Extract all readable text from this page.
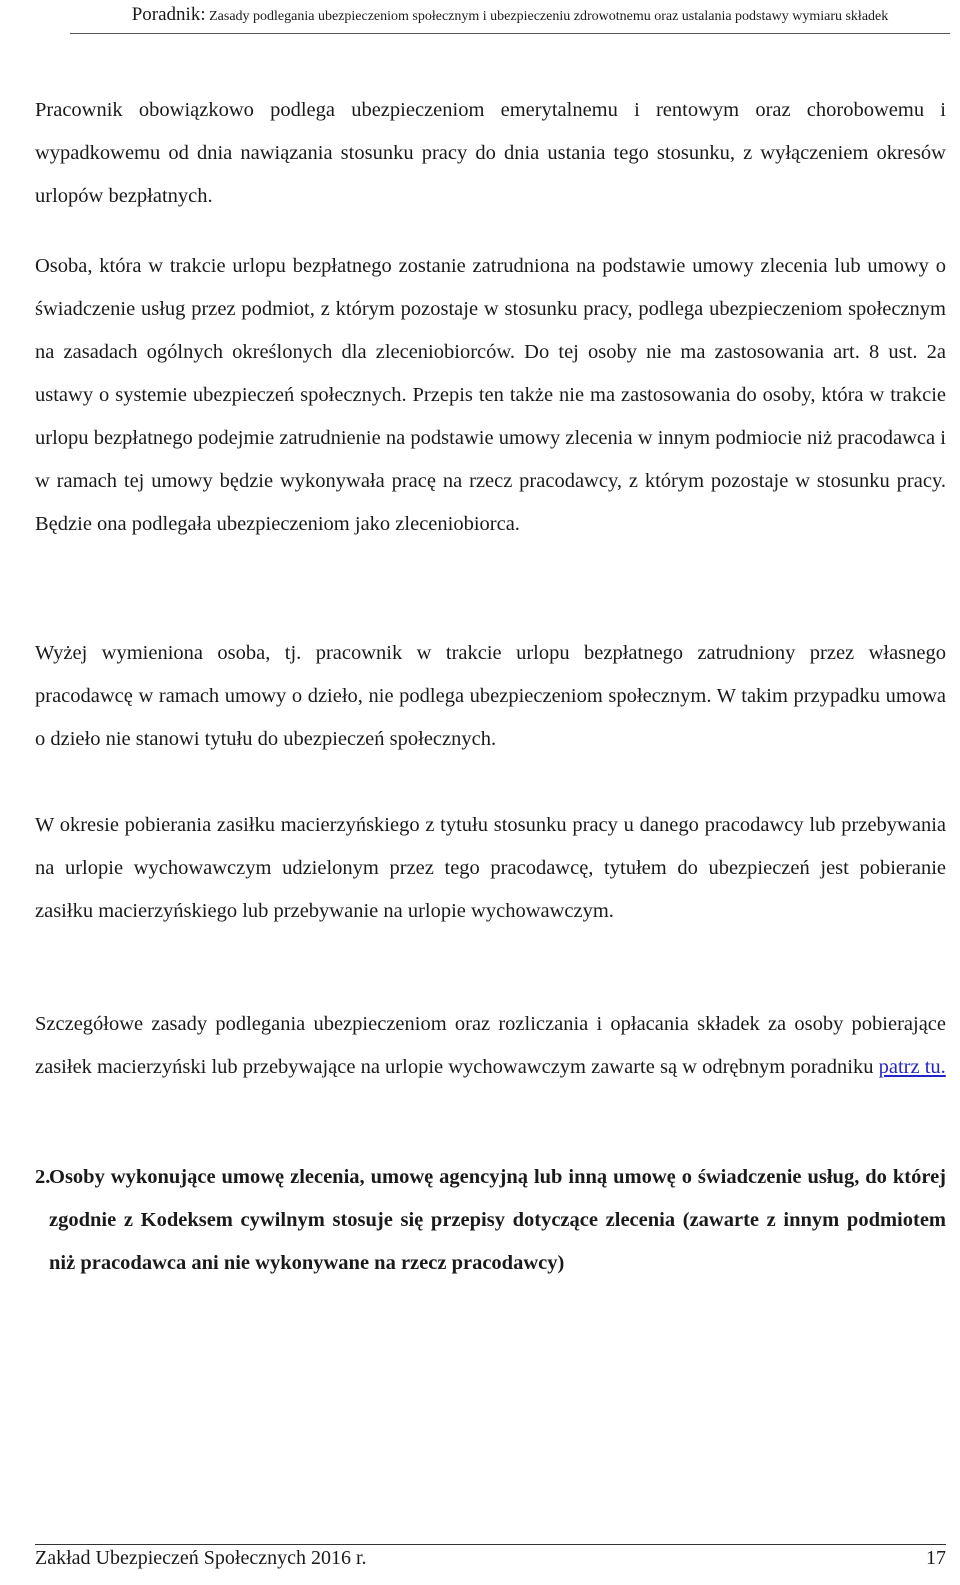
Poradnik: Zasady podlegania ubezpieczeniom społecznym i ubezpieczeniu zdrowotnemu oraz ustalania podstawy wymiaru składek

Pracownik obowiązkowo podlega ubezpieczeniom emerytalnemu i rentowym oraz chorobowemu i wypadkowemu od dnia nawiązania stosunku pracy do dnia ustania tego stosunku, z wyłączeniem okresów urlopów bezpłatnych.

Osoba, która w trakcie urlopu bezpłatnego zostanie zatrudniona na podstawie umowy zlecenia lub umowy o świadczenie usług przez podmiot, z którym pozostaje w stosunku pracy, podlega ubezpieczeniom społecznym na zasadach ogólnych określonych dla zleceniobiorców. Do tej osoby nie ma zastosowania art. 8 ust. 2a ustawy o systemie ubezpieczeń społecznych. Przepis ten także nie ma zastosowania do osoby, która w trakcie urlopu bezpłatnego podejmie zatrudnienie na podstawie umowy zlecenia w innym podmiocie niż pracodawca i w ramach tej umowy będzie wykonywała pracę na rzecz pracodawcy, z którym pozostaje w stosunku pracy. Będzie ona podlegała ubezpieczeniom jako zleceniobiorca.

Wyżej wymieniona osoba, tj. pracownik w trakcie urlopu bezpłatnego zatrudniony przez własnego pracodawcę w ramach umowy o dzieło, nie podlega ubezpieczeniom społecznym. W takim przypadku umowa o dzieło nie stanowi tytułu do ubezpieczeń społecznych.

W okresie pobierania zasiłku macierzyńskiego z tytułu stosunku pracy u danego pracodawcy lub przebywania na urlopie wychowawczym udzielonym przez tego pracodawcę, tytułem do ubezpieczeń jest pobieranie zasiłku macierzyńskiego lub przebywanie na urlopie wychowawczym.

Szczegółowe zasady podlegania ubezpieczeniom oraz rozliczania i opłacania składek za osoby pobierające zasiłek macierzyński lub przebywające na urlopie wychowawczym zawarte są w odrębnym poradniku patrz tu.

2.

Osoby wykonujące umowę zlecenia, umowę agencyjną lub inną umowę o świadczenie usług, do której zgodnie z Kodeksem cywilnym stosuje się przepisy dotyczące zlecenia (zawarte z innym podmiotem niż pracodawca ani nie wykonywane na rzecz pracodawcy)

Zakład Ubezpieczeń Społecznych 2016 r.	17
